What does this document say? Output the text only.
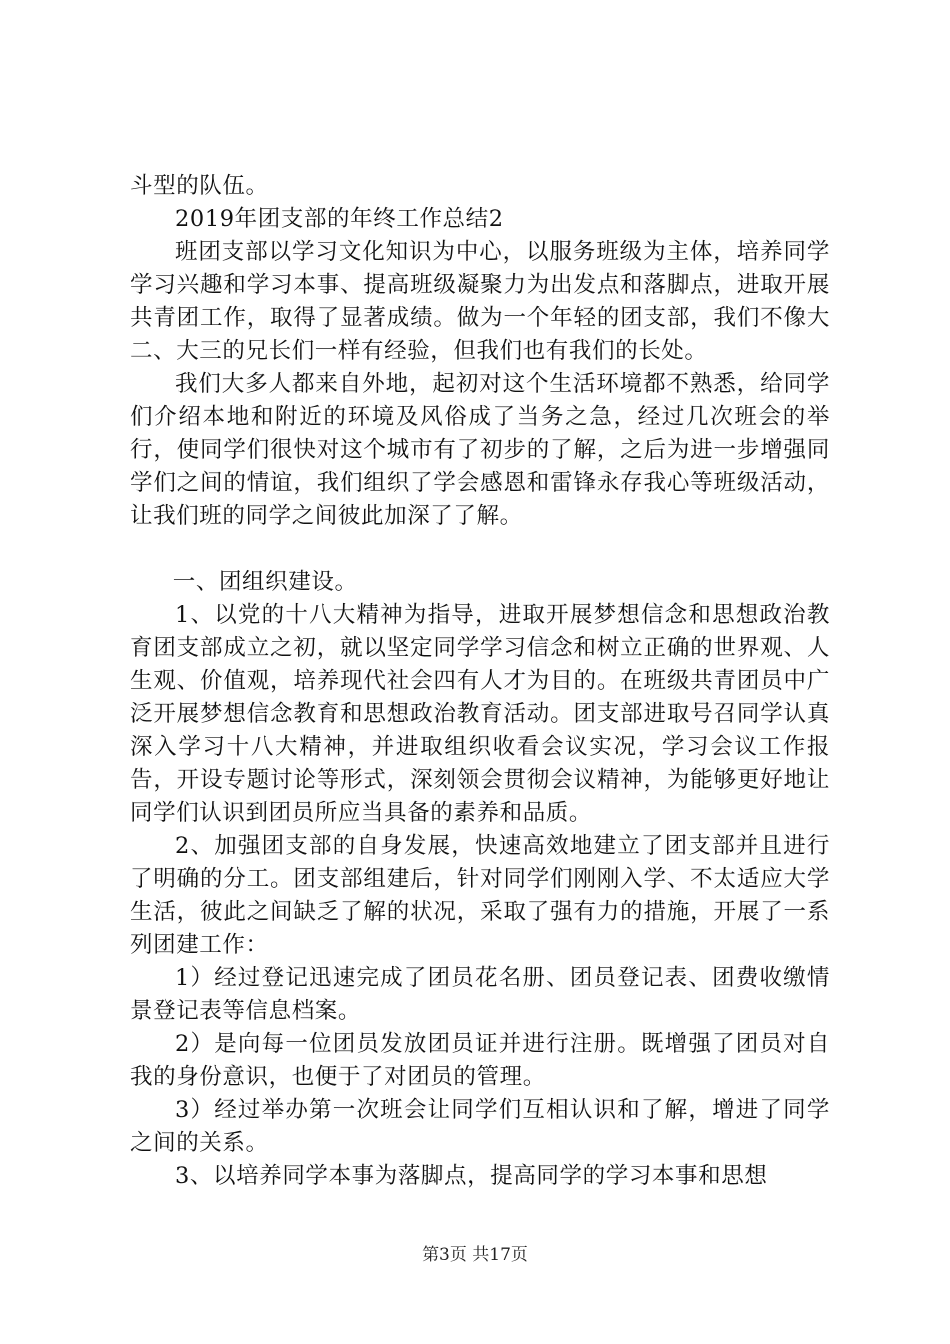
斗型的队伍。

2019年团支部的年终工作总结2

班团支部以学习文化知识为中心，以服务班级为主体，培养同学学习兴趣和学习本事、提高班级凝聚力为出发点和落脚点，进取开展共青团工作，取得了显著成绩。做为一个年轻的团支部，我们不像大二、大三的兄长们一样有经验，但我们也有我们的长处。

我们大多人都来自外地，起初对这个生活环境都不熟悉，给同学们介绍本地和附近的环境及风俗成了当务之急，经过几次班会的举行，使同学们很快对这个城市有了初步的了解，之后为进一步增强同学们之间的情谊，我们组织了学会感恩和雷锋永存我心等班级活动，让我们班的同学之间彼此加深了了解。

一、团组织建设。

1、以党的十八大精神为指导，进取开展梦想信念和思想政治教育团支部成立之初，就以坚定同学学习信念和树立正确的世界观、人生观、价值观，培养现代社会四有人才为目的。在班级共青团员中广泛开展梦想信念教育和思想政治教育活动。团支部进取号召同学认真深入学习十八大精神，并进取组织收看会议实况，学习会议工作报告，开设专题讨论等形式，深刻领会贯彻会议精神，为能够更好地让同学们认识到团员所应当具备的素养和品质。

2、加强团支部的自身发展，快速高效地建立了团支部并且进行了明确的分工。团支部组建后，针对同学们刚刚入学、不太适应大学生活，彼此之间缺乏了解的状况，采取了强有力的措施，开展了一系列团建工作：

1）经过登记迅速完成了团员花名册、团员登记表、团费收缴情景登记表等信息档案。

2）是向每一位团员发放团员证并进行注册。既增强了团员对自我的身份意识，也便于了对团员的管理。

3）经过举办第一次班会让同学们互相认识和了解，增进了同学之间的关系。

3、以培养同学本事为落脚点，提高同学的学习本事和思想

第3页 共17页
